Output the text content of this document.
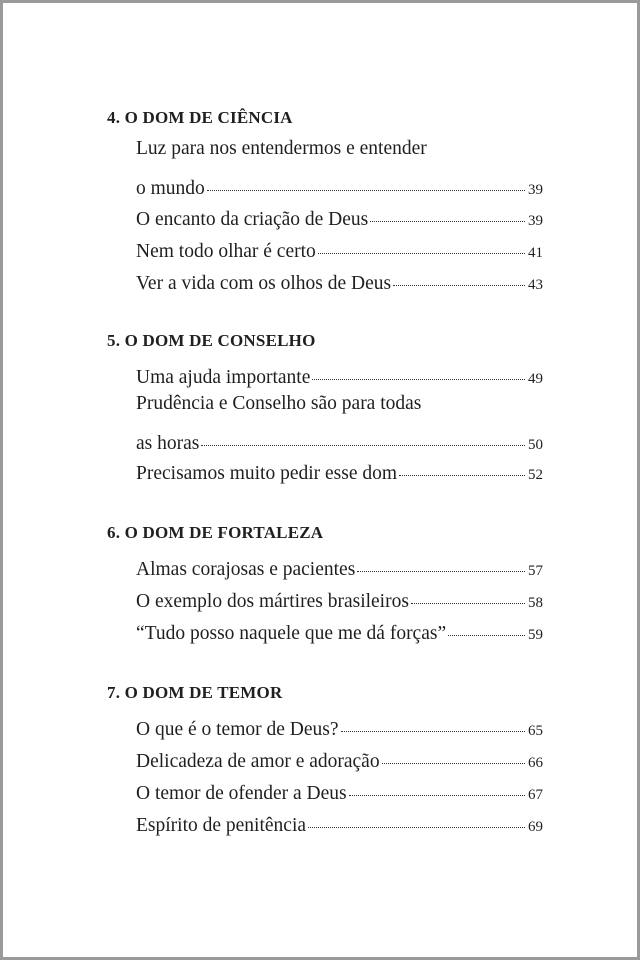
4. O DOM DE CIÊNCIA
Luz para nos entendermos e entender
o mundo	39
O encanto da criação de Deus	39
Nem todo olhar é certo	41
Ver a vida com os olhos de Deus	43
5. O DOM DE CONSELHO
Uma ajuda importante	49
Prudência e Conselho são para todas
as horas	50
Precisamos muito pedir esse dom	52
6. O DOM DE FORTALEZA
Almas corajosas e pacientes	57
O exemplo dos mártires brasileiros	58
“Tudo posso naquele que me dá forças”	59
7. O DOM DE TEMOR
O que é o temor de Deus?	65
Delicadeza de amor e adoração	66
O temor de ofender a Deus	67
Espírito de penitência	69
